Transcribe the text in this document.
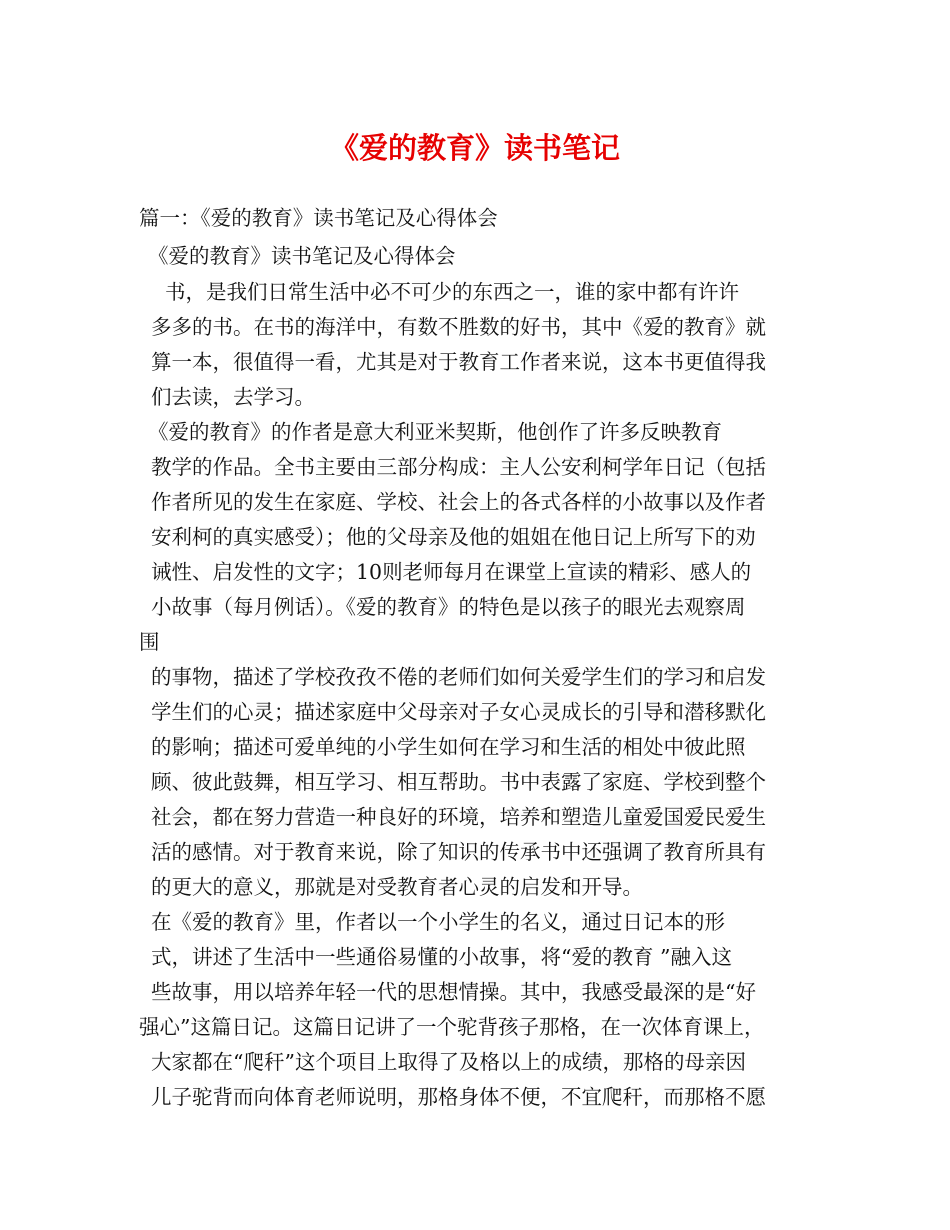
《爱的教育》读书笔记
篇一：《爱的教育》读书笔记及心得体会
《爱的教育》读书笔记及心得体会
书，是我们日常生活中必不可少的东西之一，谁的家中都有许许
多多的书。在书的海洋中，有数不胜数的好书，其中《爱的教育》就
算一本，很值得一看，尤其是对于教育工作者来说，这本书更值得我
们去读，去学习。
《爱的教育》的作者是意大利亚米契斯，他创作了许多反映教育
教学的作品。全书主要由三部分构成：主人公安利柯学年日记（包括
作者所见的发生在家庭、学校、社会上的各式各样的小故事以及作者
安利柯的真实感受）；他的父母亲及他的姐姐在他日记上所写下的劝
诫性、启发性的文字；10则老师每月在课堂上宣读的精彩、感人的
小故事（每月例话）。《爱的教育》的特色是以孩子的眼光去观察周
围
的事物，描述了学校孜孜不倦的老师们如何关爱学生们的学习和启发
学生们的心灵；描述家庭中父母亲对子女心灵成长的引导和潜移默化
的影响；描述可爱单纯的小学生如何在学习和生活的相处中彼此照
顾、彼此鼓舞，相互学习、相互帮助。书中表露了家庭、学校到整个
社会，都在努力营造一种良好的环境，培养和塑造儿童爱国爱民爱生
活的感情。对于教育来说，除了知识的传承书中还强调了教育所具有
的更大的意义，那就是对受教育者心灵的启发和开导。
在《爱的教育》里，作者以一个小学生的名义，通过日记本的形
式，讲述了生活中一些通俗易懂的小故事，将“爱的教育 ”融入这
些故事，用以培养年轻一代的思想情操。其中，我感受最深的是“好
强心”这篇日记。这篇日记讲了一个驼背孩子那格，在一次体育课上，
大家都在“爬秆”这个项目上取得了及格以上的成绩，那格的母亲因
儿子驼背而向体育老师说明，那格身体不便，不宜爬秆，而那格不愿
